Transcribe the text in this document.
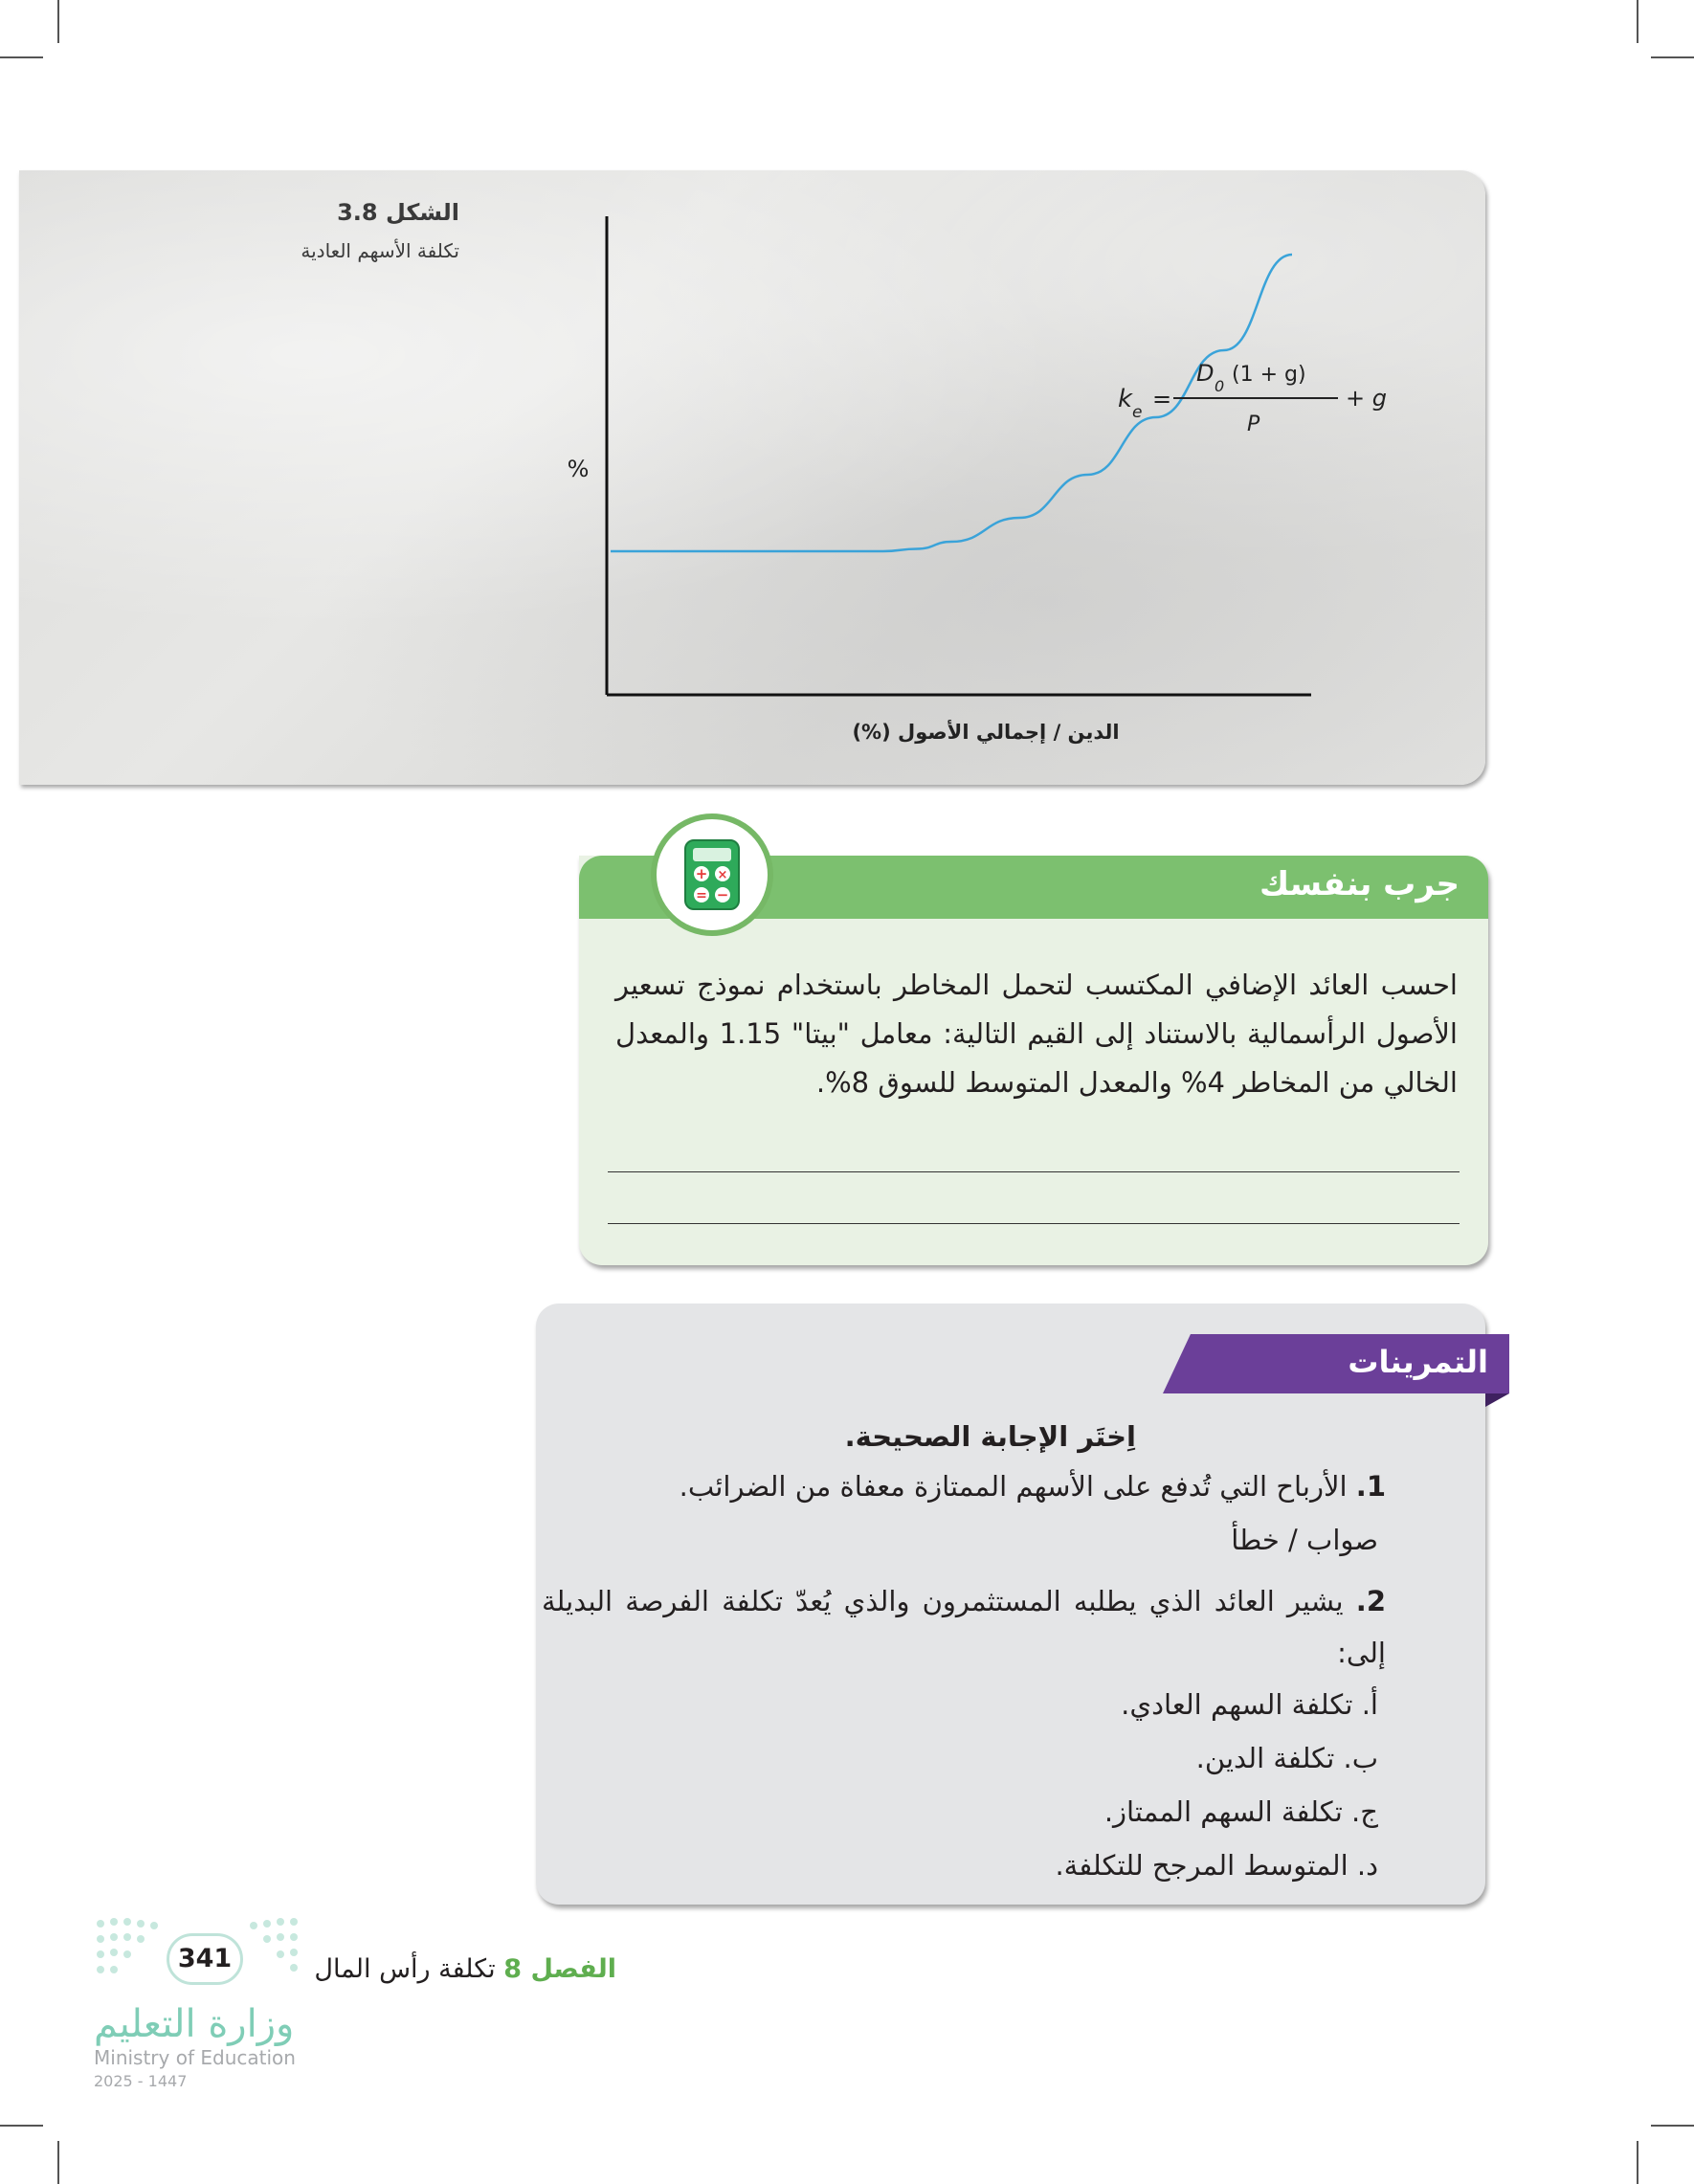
الشكل 3.8
تكلفة الأسهم العادية
%
الدين / إجمالي الأصول (%)
k e =
D 0 (1 + g)
P
+ g
جرب بنفسك
+ ×
= −
احسب العائد الإضافي المكتسب لتحمل المخاطر باستخدام نموذج تسعير الأصول الرأسمالية بالاستناد إلى القيم التالية: معامل "بيتا" 1.15 والمعدل الخالي من المخاطر 4% والمعدل المتوسط للسوق 8%.
التمرينات
اِختَر الإجابة الصحيحة.
1. الأرباح التي تُدفع على الأسهم الممتازة معفاة من الضرائب.
صواب / خطأ
2. يشير العائد الذي يطلبه المستثمرون والذي يُعدّ تكلفة الفرصة البديلة إلى:
أ. تكلفة السهم العادي.
ب. تكلفة الدين.
ج. تكلفة السهم الممتاز.
د. المتوسط المرجح للتكلفة.
الفصل 8 تكلفة رأس المال
341
وزارة التعليم
Ministry of Education
2025 - 1447
